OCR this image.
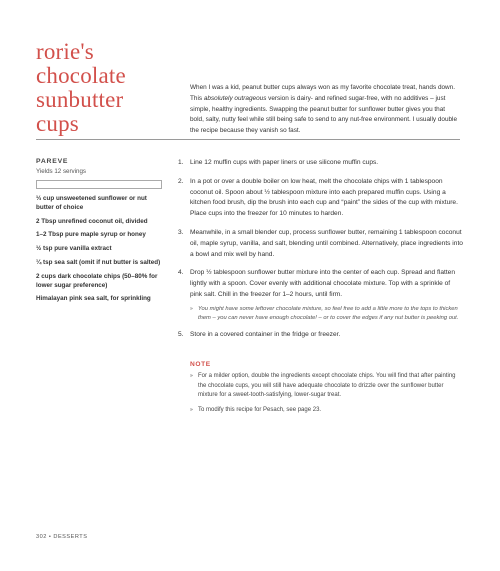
rorie's
chocolate
sunbutter
cups

When I was a kid, peanut butter cups always won as my favorite chocolate treat, hands down. This absolutely outrageous version is dairy- and refined sugar-free, with no additives – just simple, healthy ingredients. Swapping the peanut butter for sunflower butter gives you that bold, salty, nutty feel while still being safe to send to any nut-free environment. I usually double the recipe because they vanish so fast.

PAREVE
Yields 12 servings
⅓ cup unsweetened sunflower or nut butter of choice
2 Tbsp unrefined coconut oil, divided
1–2 Tbsp pure maple syrup or honey
½ tsp pure vanilla extract
¼ tsp sea salt (omit if nut butter is salted)
2 cups dark chocolate chips (50–80% for lower sugar preference)
Himalayan pink sea salt, for sprinkling
1. Line 12 muffin cups with paper liners or use silicone muffin cups.
2. In a pot or over a double boiler on low heat, melt the chocolate chips with 1 tablespoon coconut oil. Spoon about ½ tablespoon mixture into each prepared muffin cups. Using a kitchen food brush, dip the brush into each cup and “paint” the sides of the cup with mixture. Place cups into the freezer for 10 minutes to harden.
3. Meanwhile, in a small blender cup, process sunflower butter, remaining 1 tablespoon coconut oil, maple syrup, vanilla, and salt, blending until combined. Alternatively, place ingredients into a bowl and mix well by hand.
4. Drop ½ tablespoon sunflower butter mixture into the center of each cup. Spread and flatten lightly with a spoon. Cover evenly with additional chocolate mixture. Top with a sprinkle of pink salt. Chill in the freezer for 1–2 hours, until firm.
» You might have some leftover chocolate mixture, so feel free to add a little more to the tops to thicken them – you can never have enough chocolate! – or to cover the edges if any nut butter is peeking out.
5. Store in a covered container in the fridge or freezer.
NOTE
» For a milder option, double the ingredients except chocolate chips. You will find that after painting the chocolate cups, you will still have adequate chocolate to drizzle over the sunflower butter mixture for a sweet-tooth-satisfying, lower-sugar treat.
» To modify this recipe for Pesach, see page 23.
302 • DESSERTS
